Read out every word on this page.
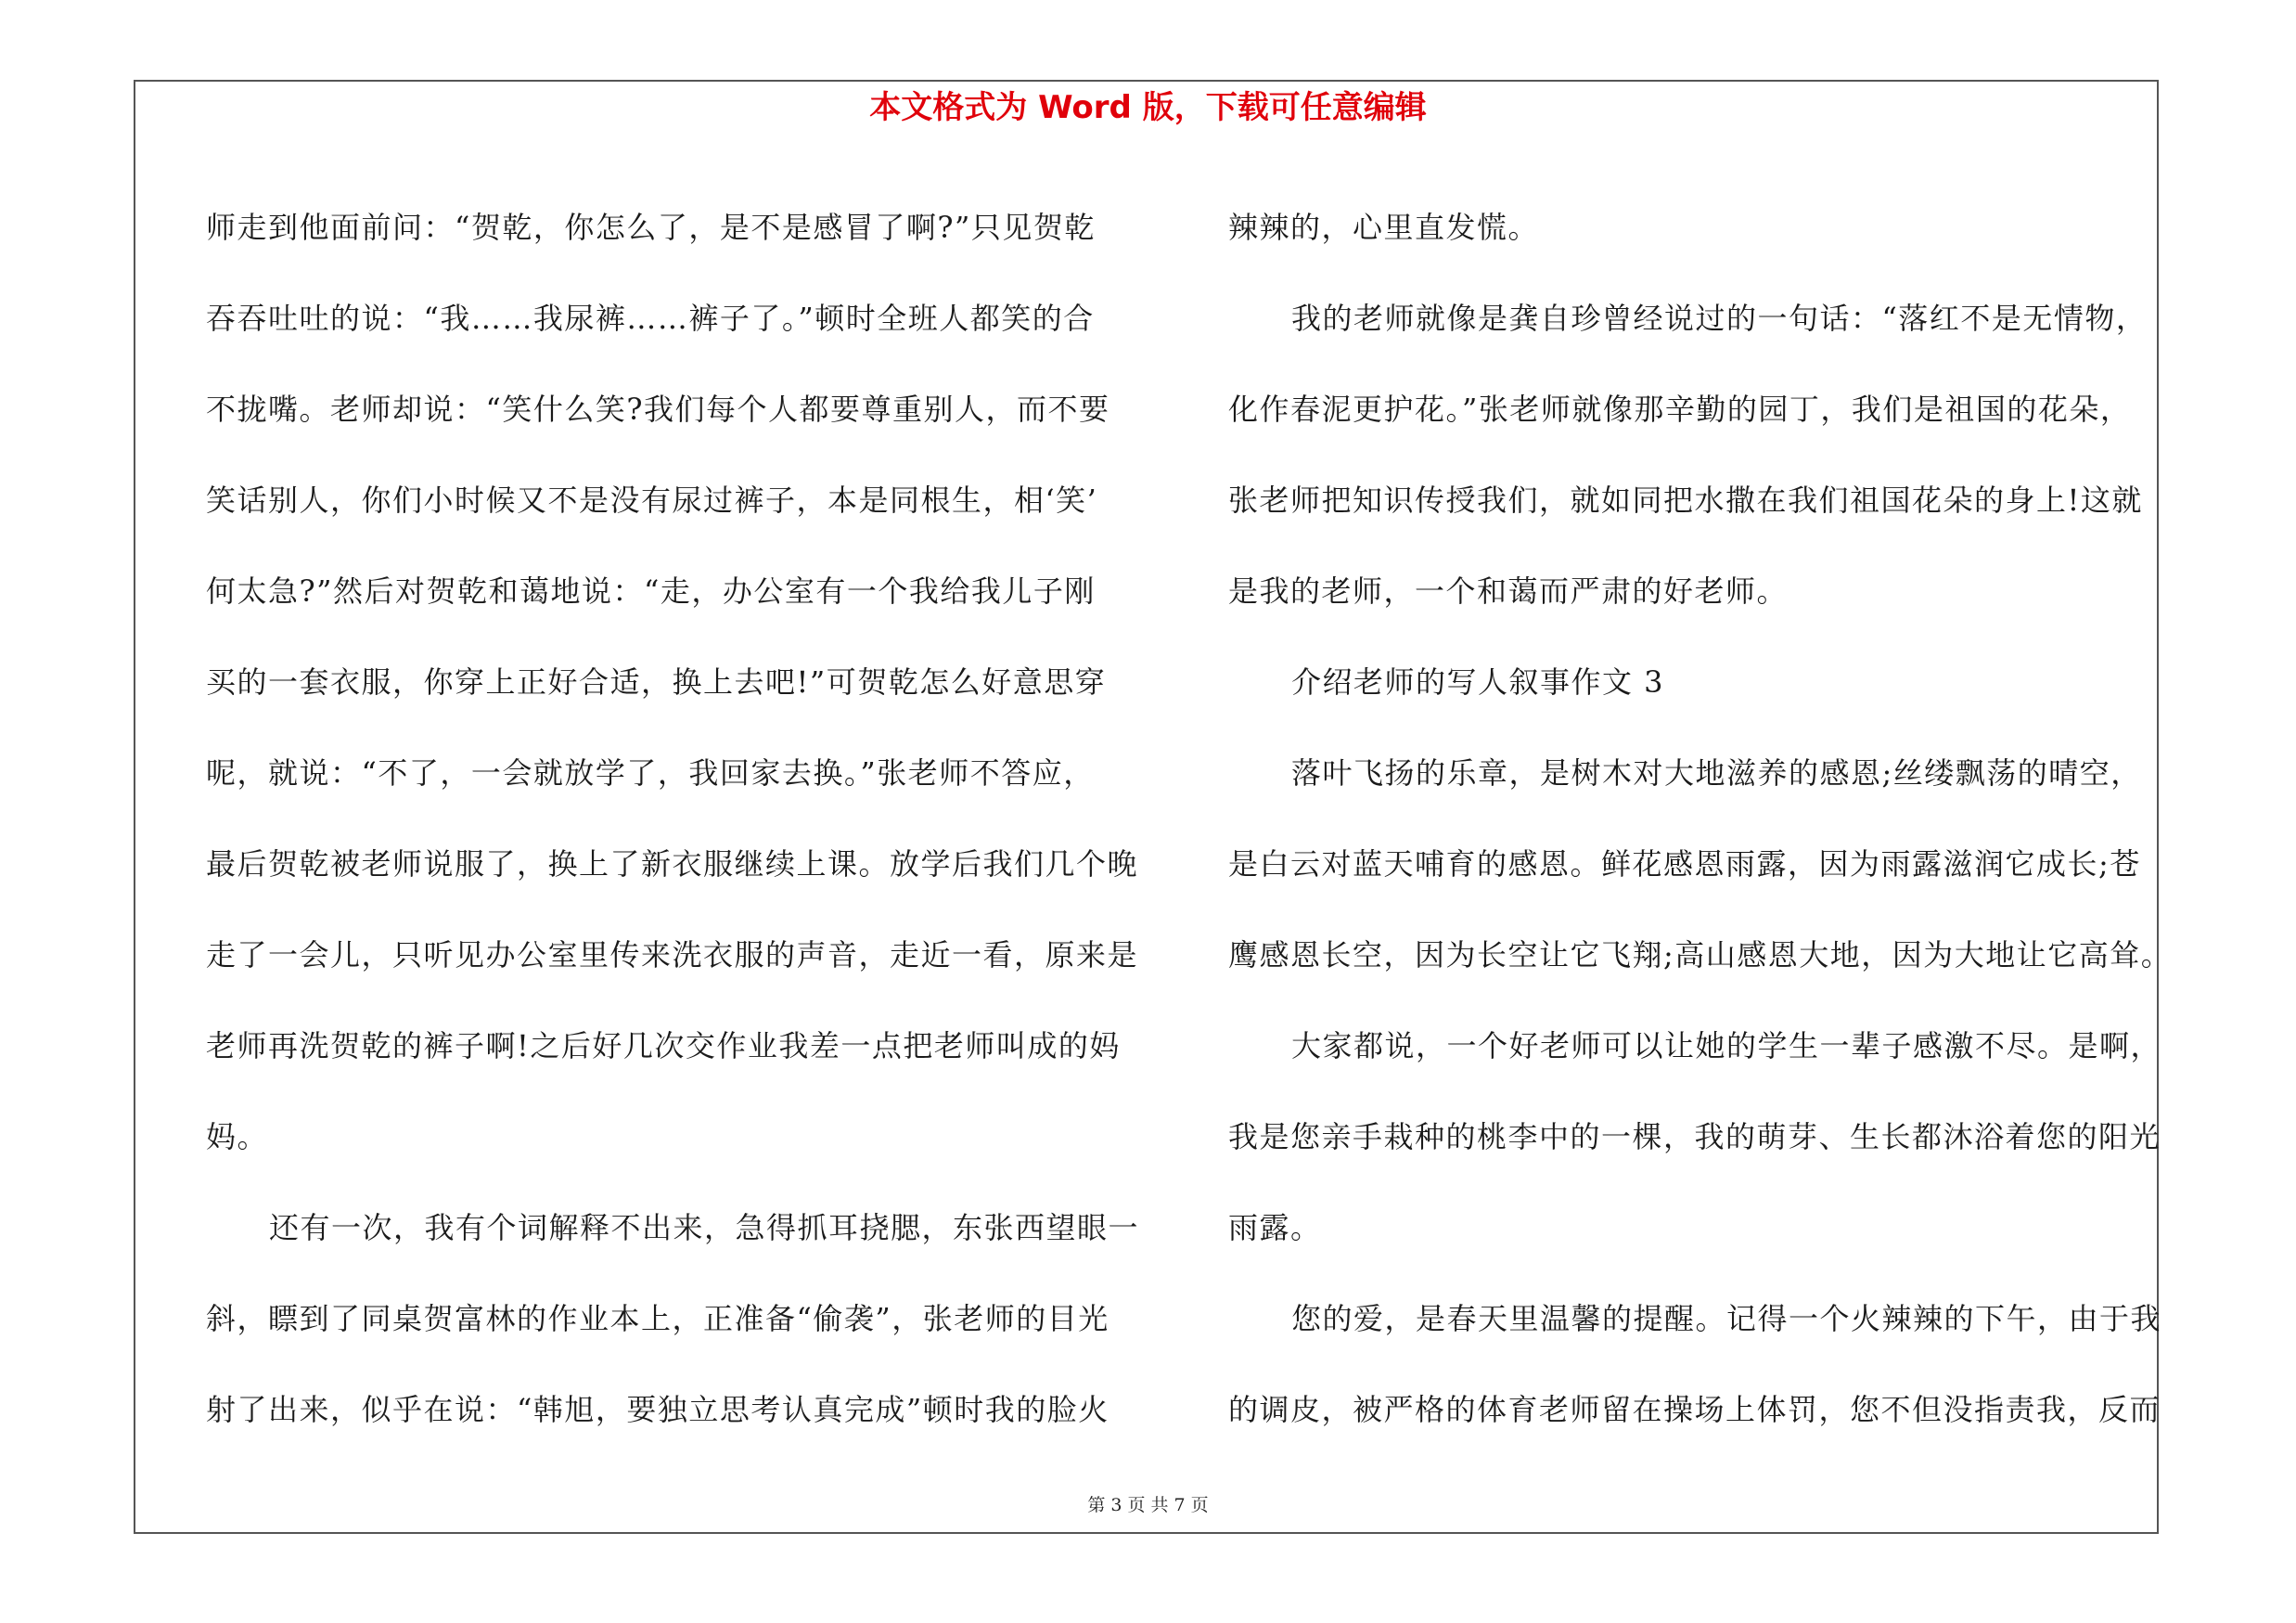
本文格式为 Word 版，下载可任意编辑
师走到他面前问：“贺乾，你怎么了，是不是感冒了啊?”只见贺乾
吞吞吐吐的说：“我……我尿裤……裤子了。”顿时全班人都笑的合
不拢嘴。老师却说：“笑什么笑?我们每个人都要尊重别人，而不要
笑话别人，你们小时候又不是没有尿过裤子，本是同根生，相‘笑’
何太急?”然后对贺乾和蔼地说：“走，办公室有一个我给我儿子刚
买的一套衣服，你穿上正好合适，换上去吧!”可贺乾怎么好意思穿
呢，就说：“不了，一会就放学了，我回家去换。”张老师不答应，
最后贺乾被老师说服了，换上了新衣服继续上课。放学后我们几个晚
走了一会儿，只听见办公室里传来洗衣服的声音，走近一看，原来是
老师再洗贺乾的裤子啊!之后好几次交作业我差一点把老师叫成的妈
妈。
还有一次，我有个词解释不出来，急得抓耳挠腮，东张西望眼一
斜，瞟到了同桌贺富林的作业本上，正准备“偷袭”，张老师的目光
射了出来，似乎在说：“韩旭，要独立思考认真完成”顿时我的脸火
辣辣的，心里直发慌。
我的老师就像是龚自珍曾经说过的一句话：“落红不是无情物，
化作春泥更护花。”张老师就像那辛勤的园丁，我们是祖国的花朵，
张老师把知识传授我们，就如同把水撒在我们祖国花朵的身上!这就
是我的老师，一个和蔼而严肃的好老师。
介绍老师的写人叙事作文 3
落叶飞扬的乐章，是树木对大地滋养的感恩;丝缕飘荡的晴空，
是白云对蓝天哺育的感恩。鲜花感恩雨露，因为雨露滋润它成长;苍
鹰感恩长空，因为长空让它飞翔;高山感恩大地，因为大地让它高耸。
大家都说，一个好老师可以让她的学生一辈子感激不尽。是啊，
我是您亲手栽种的桃李中的一棵，我的萌芽、生长都沐浴着您的阳光
雨露。
您的爱，是春天里温馨的提醒。记得一个火辣辣的下午，由于我
的调皮，被严格的体育老师留在操场上体罚，您不但没指责我，反而
第 3 页 共 7 页
